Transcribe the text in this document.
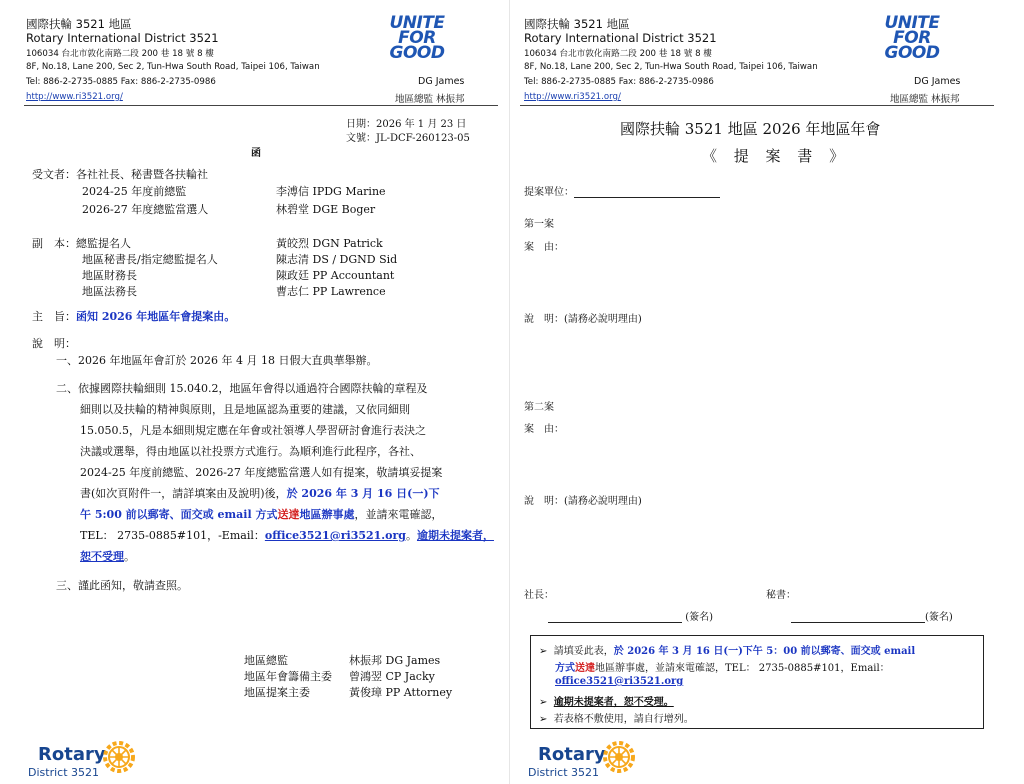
國際扶輪 3521 地區
Rotary International District 3521
106034 台北市敦化南路二段 200 巷 18 號 8 樓
8F, No.18, Lane 200, Sec 2, Tun-Hwa South Road, Taipei 106, Taiwan
Tel: 886-2-2735-0885 Fax: 886-2-2735-0986
http://www.ri3521.org/
UNITE
FOR
GOOD
DG James
地區總監 林振邦
日期：2026 年 1 月 23 日
文號：JL-DCF-260123-05
函
受文者：各社社長、秘書暨各扶輪社
2024-25 年度前總監	李溥信 IPDG Marine
2026-27 年度總監當選人	林碧堂 DGE Boger
副　本：總監提名人	黃皎烈 DGN Patrick
地區秘書長/指定總監提名人	陳志清 DS / DGND Sid
地區財務長	陳政廷 PP Accountant
地區法務長	曹志仁 PP Lawrence
主　旨：函知 2026 年地區年會提案由。
說　明：
一、2026 年地區年會訂於 2026 年 4 月 18 日假大直典華舉辦。
二、依據國際扶輪細則 15.040.2，地區年會得以通過符合國際扶輪的章程及
細則以及扶輪的精神與原則，且是地區認為重要的建議，又依同細則
15.050.5，凡是本細則規定應在年會或社領導人學習研討會進行表決之
決議或選舉，得由地區以社投票方式進行。為順利進行此程序，各社、
2024-25 年度前總監、2026-27 年度總監當選人如有提案，敬請填妥提案
書(如次頁附件一，請詳填案由及說明)後，於 2026 年 3 月 16 日(一)下
午 5:00 前以郵寄、面交或 email 方式送達地區辦事處，並請來電確認，
TEL： 2735-0885#101，-Email：office3521@ri3521.org。逾期未提案者，
恕不受理。
三、謹此函知，敬請查照。
地區總監	林振邦 DG James
地區年會籌備主委 曾鴻翌 CP Jacky
地區提案主委	黃俊璋 PP Attorney
Rotary
District 3521
國際扶輪 3521 地區
Rotary International District 3521
106034 台北市敦化南路二段 200 巷 18 號 8 樓
8F, No.18, Lane 200, Sec 2, Tun-Hwa South Road, Taipei 106, Taiwan
Tel: 886-2-2735-0885 Fax: 886-2-2735-0986
http://www.ri3521.org/
UNITE
FOR
GOOD
DG James
地區總監 林振邦
國際扶輪 3521 地區 2026 年地區年會
《 提 案 書 》
提案單位：
第一案
案　由：
說　明：(請務必說明理由)
第二案
案　由：
說　明：(請務必說明理由)
社長：	秘書：
(簽名)	(簽名)
➢ 請填妥此表，於 2026 年 3 月 16 日(一)下午 5：00 前以郵寄、面交或 email
方式送達地區辦事處，並請來電確認，TEL： 2735-0885#101，Email：
office3521@ri3521.org
➢ 逾期未提案者，恕不受理。
➢ 若表格不敷使用，請自行增列。
Rotary
District 3521
